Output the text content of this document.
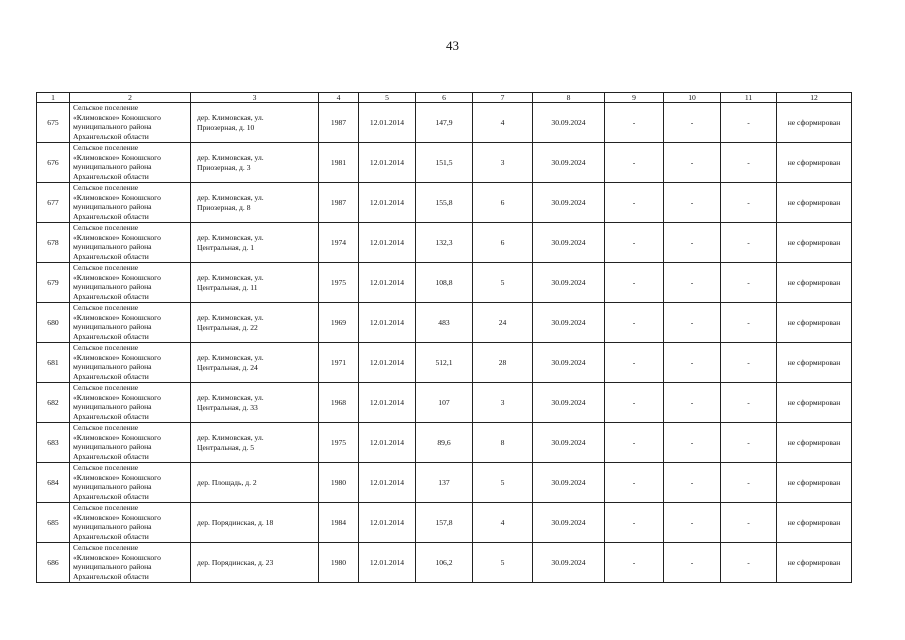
43
1	2	3	4	5	6	7	8	9	10	11	12
675	Сельское поселение
«Климовское» Коношского
муниципального района
Архангельской области	дер. Климовская, ул.
Приозерная, д. 10	1987	12.01.2014	147,9	4	30.09.2024	-	-	-	не сформирован
676	Сельское поселение
«Климовское» Коношского
муниципального района
Архангельской области	дер. Климовская, ул.
Приозерная, д. 3	1981	12.01.2014	151,5	3	30.09.2024	-	-	-	не сформирован
677	Сельское поселение
«Климовское» Коношского
муниципального района
Архангельской области	дер. Климовская, ул.
Приозерная, д. 8	1987	12.01.2014	155,8	6	30.09.2024	-	-	-	не сформирован
678	Сельское поселение
«Климовское» Коношского
муниципального района
Архангельской области	дер. Климовская, ул.
Центральная, д. 1	1974	12.01.2014	132,3	6	30.09.2024	-	-	-	не сформирован
679	Сельское поселение
«Климовское» Коношского
муниципального района
Архангельской области	дер. Климовская, ул.
Центральная, д. 11	1975	12.01.2014	108,8	5	30.09.2024	-	-	-	не сформирован
680	Сельское поселение
«Климовское» Коношского
муниципального района
Архангельской области	дер. Климовская, ул.
Центральная, д. 22	1969	12.01.2014	483	24	30.09.2024	-	-	-	не сформирован
681	Сельское поселение
«Климовское» Коношского
муниципального района
Архангельской области	дер. Климовская, ул.
Центральная, д. 24	1971	12.01.2014	512,1	28	30.09.2024	-	-	-	не сформирован
682	Сельское поселение
«Климовское» Коношского
муниципального района
Архангельской области	дер. Климовская, ул.
Центральная, д. 33	1968	12.01.2014	107	3	30.09.2024	-	-	-	не сформирован
683	Сельское поселение
«Климовское» Коношского
муниципального района
Архангельской области	дер. Климовская, ул.
Центральная, д. 5	1975	12.01.2014	89,6	8	30.09.2024	-	-	-	не сформирован
684	Сельское поселение
«Климовское» Коношского
муниципального района
Архангельской области	дер. Площадь, д. 2	1980	12.01.2014	137	5	30.09.2024	-	-	-	не сформирован
685	Сельское поселение
«Климовское» Коношского
муниципального района
Архангельской области	дер. Порядинская, д. 18	1984	12.01.2014	157,8	4	30.09.2024	-	-	-	не сформирован
686	Сельское поселение
«Климовское» Коношского
муниципального района
Архангельской области	дер. Порядинская, д. 23	1980	12.01.2014	106,2	5	30.09.2024	-	-	-	не сформирован
